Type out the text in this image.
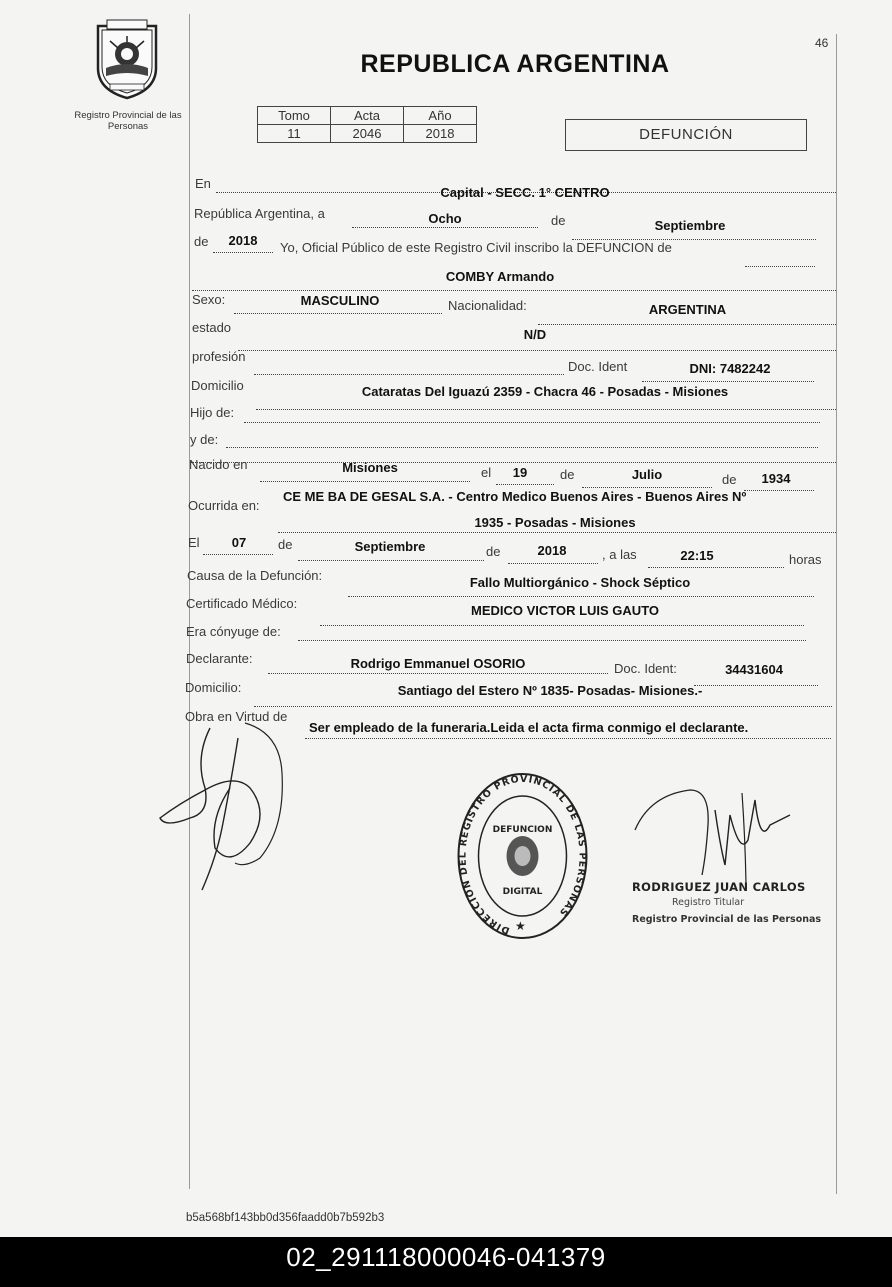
Registro Provincial de las Personas
REPUBLICA ARGENTINA
46
Tomo	Acta	Año
11	2046	2018	DEFUNCIÓN
En
Capital - SECC. 1° CENTRO
República Argentina, a	Ocho	de	Septiembre
de	2018	Yo, Oficial Público de este Registro Civil inscribo la DEFUNCION de
COMBY Armando
Sexo:	MASCULINO	Nacionalidad:	ARGENTINA
estado	N/D
profesión
Doc. Ident	DNI: 7482242
Domicilio	Cataratas Del Iguazú 2359 - Chacra 46 - Posadas - Misiones
Hijo de:
y de:
Nacido en	Misiones	el	19	de	Julio	de	1934
Ocurrida en:
CE ME BA DE GESAL S.A. - Centro Medico Buenos Aires - Buenos Aires Nº
1935 - Posadas - Misiones
El	07	de	Septiembre	de	2018	, a las	22:15	horas
Causa de la Defunción:	Fallo Multiorgánico - Shock Séptico
Certificado Médico:	MEDICO VICTOR LUIS GAUTO
Era cónyuge de:
Declarante:	Rodrigo Emmanuel OSORIO	Doc. Ident:	34431604
Domicilio:	Santiago del Estero Nº 1835- Posadas- Misiones.-
Obra en Virtud de
Ser empleado de la funeraria.Leida el acta firma conmigo el declarante.
DIRECCION DEL REGISTRO PROVINCIAL DE LAS PERSONAS
DEFUNCION
DIGITAL
★
RODRIGUEZ JUAN CARLOS
Registro Titular
Registro Provincial de las Personas
b5a568bf143bb0d356faadd0b7b592b3
02_291118000046-041379
